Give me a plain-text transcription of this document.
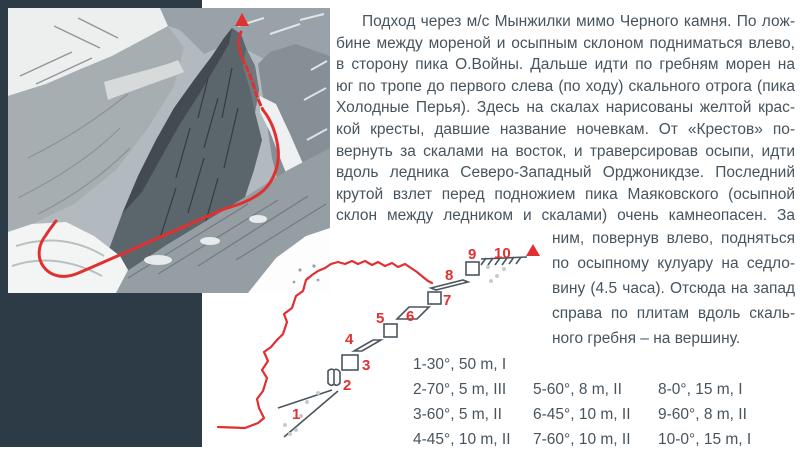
Подход через м/с Мынжилки мимо Черного камня. По лож-
бине между мореной и осыпным склоном подниматься влево,
в сторону пика О.Войны. Дальше идти по гребням морен на
юг по тропе до первого слева (по ходу) скального отрога (пика
Холодные Перья). Здесь на скалах нарисованы желтой крас-
кой кресты, давшие название ночевкам. От «Крестов» по-
вернуть за скалами на восток, и траверсировав осыпи, идти
вдоль ледника Северо-Западный Орджоникдзе. Последний
крутой взлет перед подножием пика Маяковского (осыпной
склон между ледником и скалами) очень камнеопасен. За
ним, повернув влево, подняться
по осыпному кулуару на седло-
вину (4.5 часа). Отсюда на запад
справа по плитам вдоль скаль-
ного гребня – на вершину.
1
2
3
4
5 6
7
8
9 10
1-30°, 50 m, I
2-70°, 5 m, III
3-60°, 5 m, II
4-45°, 10 m, II
5-60°, 8 m, II
6-45°, 10 m, II
7-60°, 10 m, II
8-0°, 15 m, I
9-60°, 8 m, II
10-0°, 15 m, I
